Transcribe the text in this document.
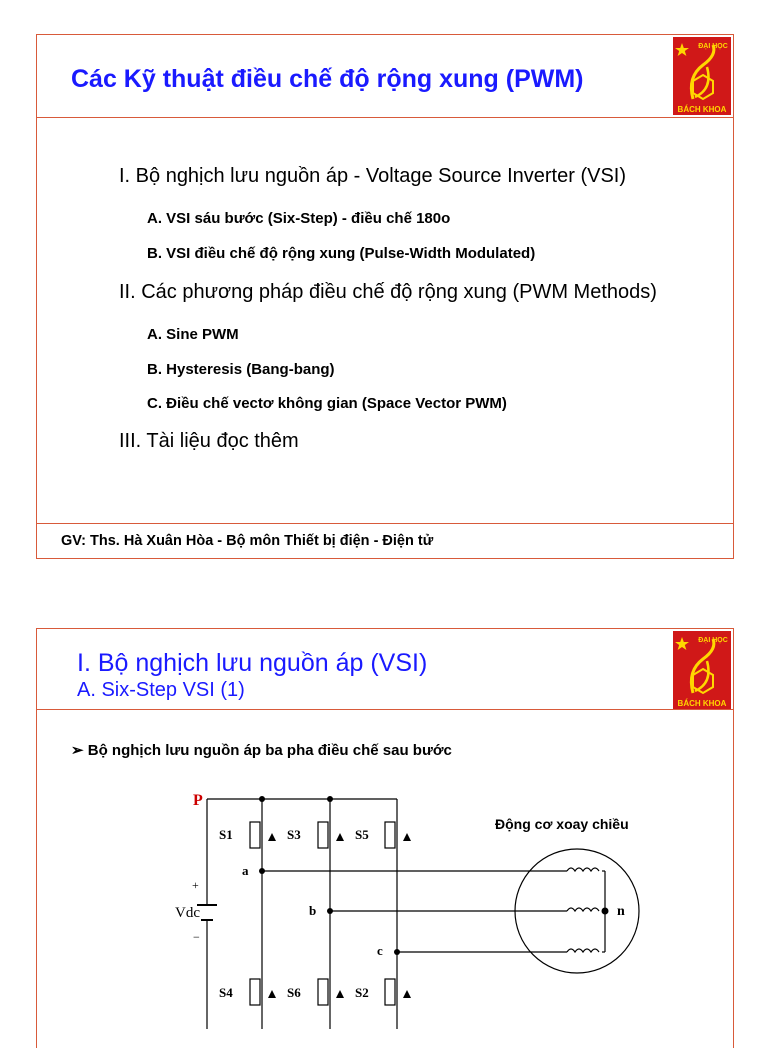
Các Kỹ thuật điều chế độ rộng xung (PWM)
ĐẠI HỌC
BÁCH KHOA
I. Bộ nghịch lưu nguồn áp - Voltage Source Inverter (VSI)
A. VSI sáu bước (Six-Step) - điều chế 180o
B. VSI điều chế độ rộng xung (Pulse-Width Modulated)
II. Các phương pháp điều chế độ rộng xung (PWM Methods)
A. Sine PWM
B. Hysteresis (Bang-bang)
C. Điều chế vectơ không gian (Space Vector PWM)
III. Tài liệu đọc thêm
GV: Ths. Hà Xuân Hòa - Bộ môn Thiết bị điện - Điện tử
I. Bộ nghịch lưu nguồn áp (VSI)
A. Six-Step VSI (1)
ĐẠI HỌC
BÁCH KHOA
➢ Bộ nghịch lưu nguồn áp ba pha điều chế sau bước
P
S1	S3	S5
S4	S6	S2
a
b
c
n
Vdc
+
−
Động cơ xoay chiều
